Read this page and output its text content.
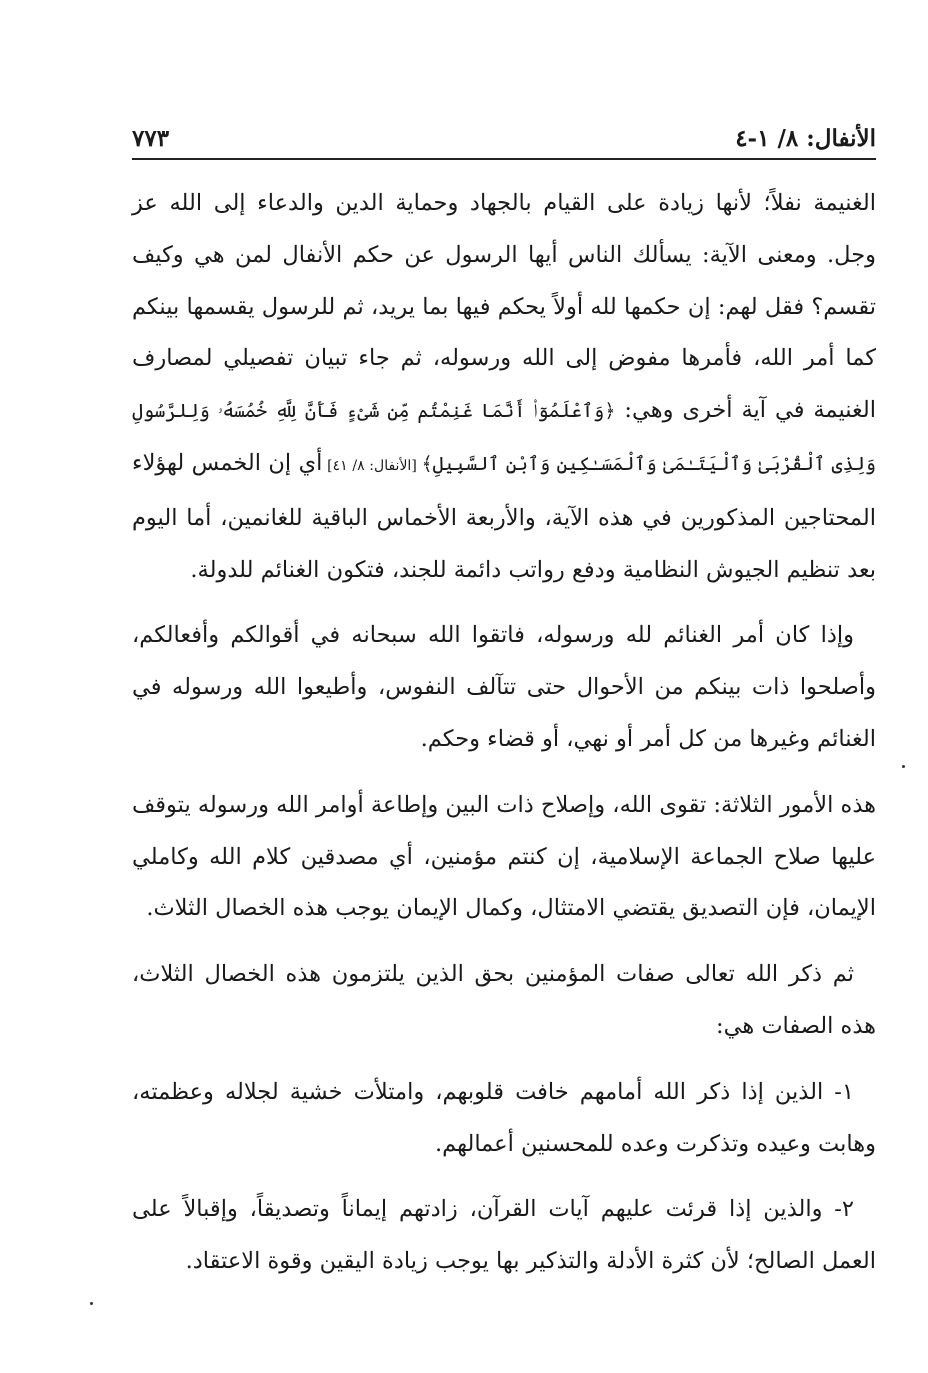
الأنفال: ٨/ ١-٤
٧٧٣

الغنيمة نفلاً؛ لأنها زيادة على القيام بالجهاد وحماية الدين والدعاء إلى الله عز وجل. ومعنى الآية: يسألك الناس أيها الرسول عن حكم الأنفال لمن هي وكيف تقسم؟ فقل لهم: إن حكمها لله أولاً يحكم فيها بما يريد، ثم للرسول يقسمها بينكم كما أمر الله، فأمرها مفوض إلى الله ورسوله، ثم جاء تبيان تفصيلي لمصارف الغنيمة في آية أخرى وهي: ﴿وَٱعْلَمُوٓا۟ أَنَّمَا غَنِمْتُم مِّن شَىْءٍ فَأَنَّ لِلَّهِ خُمُسَهُۥ وَلِلرَّسُولِ وَلِذِى ٱلْقُرْبَىٰ وَٱلْيَتَـٰمَىٰ وَٱلْمَسَـٰكِينِ وَٱبْنِ ٱلسَّبِيلِ﴾ [الأنفال: ٨/ ٤١] أي إن الخمس لهؤلاء المحتاجين المذكورين في هذه الآية، والأربعة الأخماس الباقية للغانمين، أما اليوم بعد تنظيم الجيوش النظامية ودفع رواتب دائمة للجند، فتكون الغنائم للدولة.

وإذا كان أمر الغنائم لله ورسوله، فاتقوا الله سبحانه في أقوالكم وأفعالكم، وأصلحوا ذات بينكم من الأحوال حتى تتآلف النفوس، وأطيعوا الله ورسوله في الغنائم وغيرها من كل أمر أو نهي، أو قضاء وحكم.

هذه الأمور الثلاثة: تقوى الله، وإصلاح ذات البين وإطاعة أوامر الله ورسوله يتوقف عليها صلاح الجماعة الإسلامية، إن كنتم مؤمنين، أي مصدقين كلام الله وكاملي الإيمان، فإن التصديق يقتضي الامتثال، وكمال الإيمان يوجب هذه الخصال الثلاث.

ثم ذكر الله تعالى صفات المؤمنين بحق الذين يلتزمون هذه الخصال الثلاث، هذه الصفات هي:

١- الذين إذا ذكر الله أمامهم خافت قلوبهم، وامتلأت خشية لجلاله وعظمته، وهابت وعيده وتذكرت وعده للمحسنين أعمالهم.

٢- والذين إذا قرئت عليهم آيات القرآن، زادتهم إيماناً وتصديقاً، وإقبالاً على العمل الصالح؛ لأن كثرة الأدلة والتذكير بها يوجب زيادة اليقين وقوة الاعتقاد.
